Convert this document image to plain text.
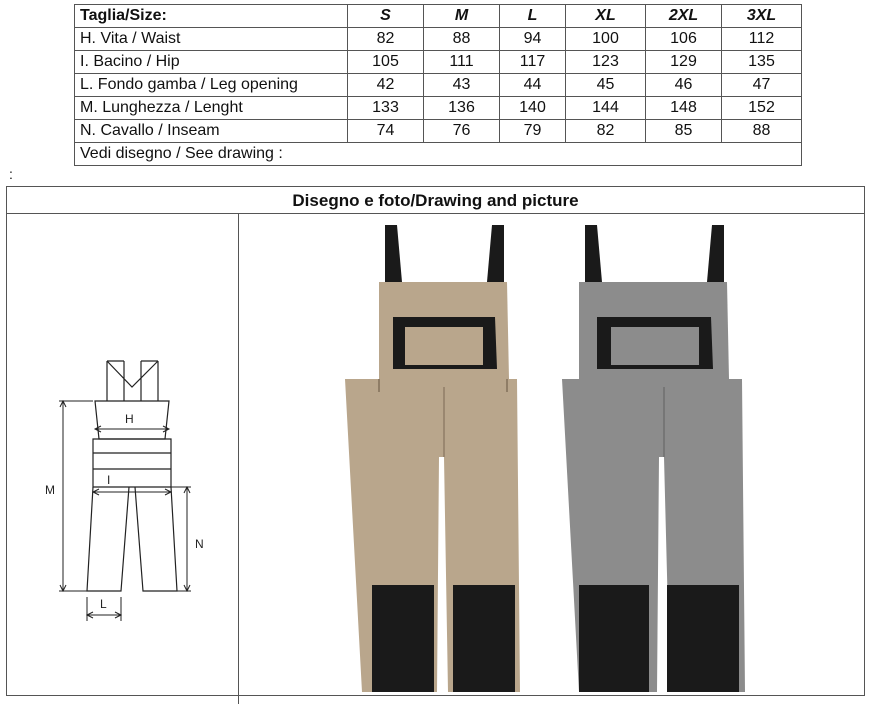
Taglia/Size:	S	M	L	XL	2XL	3XL
H. Vita / Waist	82	88	94	100	106	112
I. Bacino / Hip	105	111	117	123	129	135
L. Fondo gamba / Leg opening	42	43	44	45	46	47
M. Lunghezza / Lenght	133	136	140	144	148	152
N. Cavallo / Inseam	74	76	79	82	85	88
Vedi disegno / See drawing :						
:
Disegno e foto/Drawing and picture
H
I
M
N
L
